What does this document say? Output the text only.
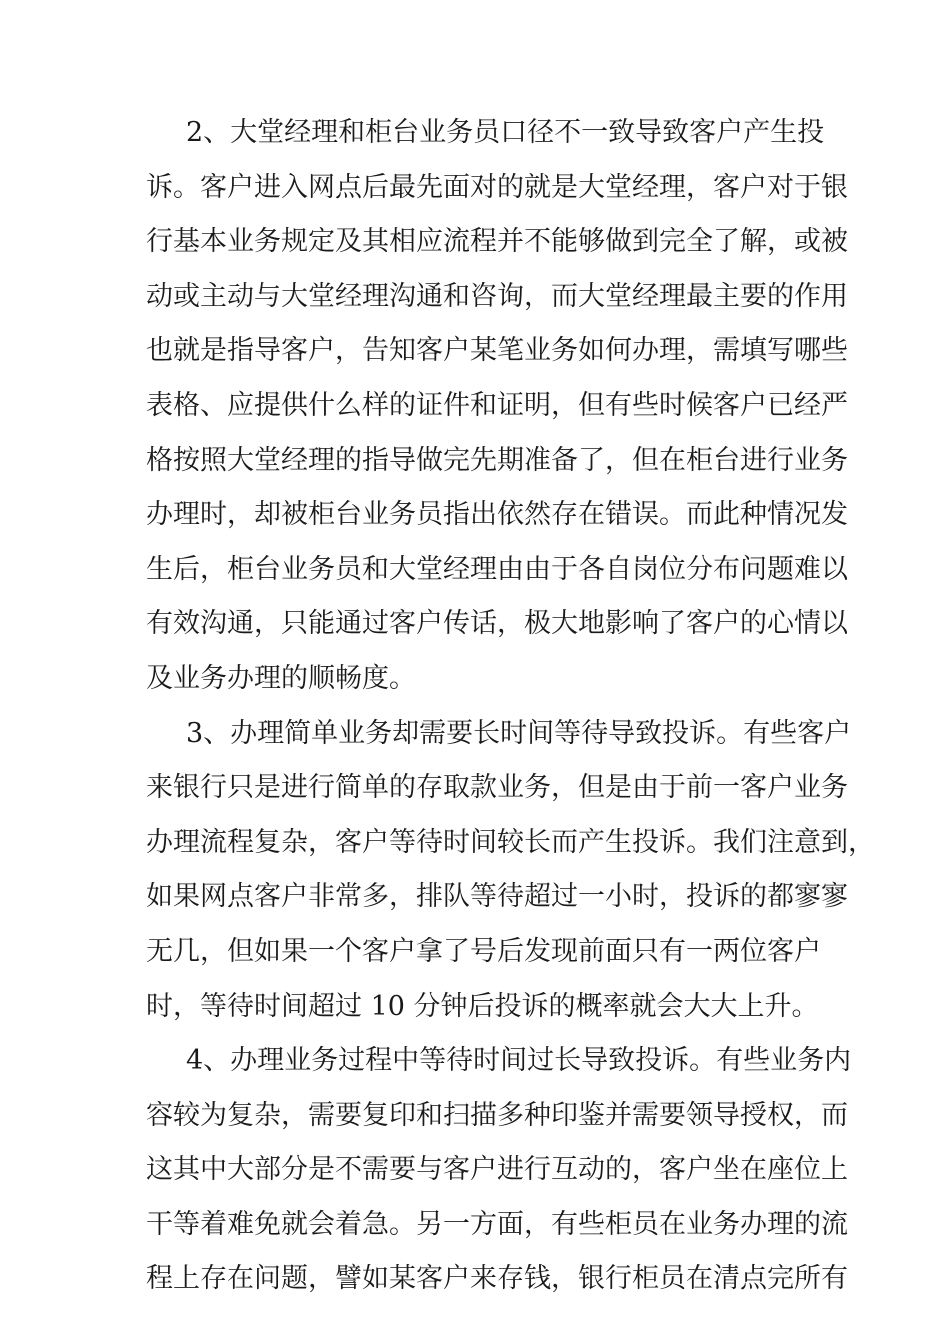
2、大堂经理和柜台业务员口径不一致导致客户产生投
诉。客户进入网点后最先面对的就是大堂经理，客户对于银
行基本业务规定及其相应流程并不能够做到完全了解，或被
动或主动与大堂经理沟通和咨询，而大堂经理最主要的作用
也就是指导客户，告知客户某笔业务如何办理，需填写哪些
表格、应提供什么样的证件和证明，但有些时候客户已经严
格按照大堂经理的指导做完先期准备了，但在柜台进行业务
办理时，却被柜台业务员指出依然存在错误。而此种情况发
生后，柜台业务员和大堂经理由由于各自岗位分布问题难以
有效沟通，只能通过客户传话，极大地影响了客户的心情以
及业务办理的顺畅度。
3、办理简单业务却需要长时间等待导致投诉。有些客户
来银行只是进行简单的存取款业务，但是由于前一客户业务
办理流程复杂，客户等待时间较长而产生投诉。我们注意到，
如果网点客户非常多，排队等待超过一小时，投诉的都寥寥
无几，但如果一个客户拿了号后发现前面只有一两位客户
时，等待时间超过 10 分钟后投诉的概率就会大大上升。
4、办理业务过程中等待时间过长导致投诉。有些业务内
容较为复杂，需要复印和扫描多种印鉴并需要领导授权，而
这其中大部分是不需要与客户进行互动的，客户坐在座位上
干等着难免就会着急。另一方面，有些柜员在业务办理的流
程上存在问题，譬如某客户来存钱，银行柜员在清点完所有
